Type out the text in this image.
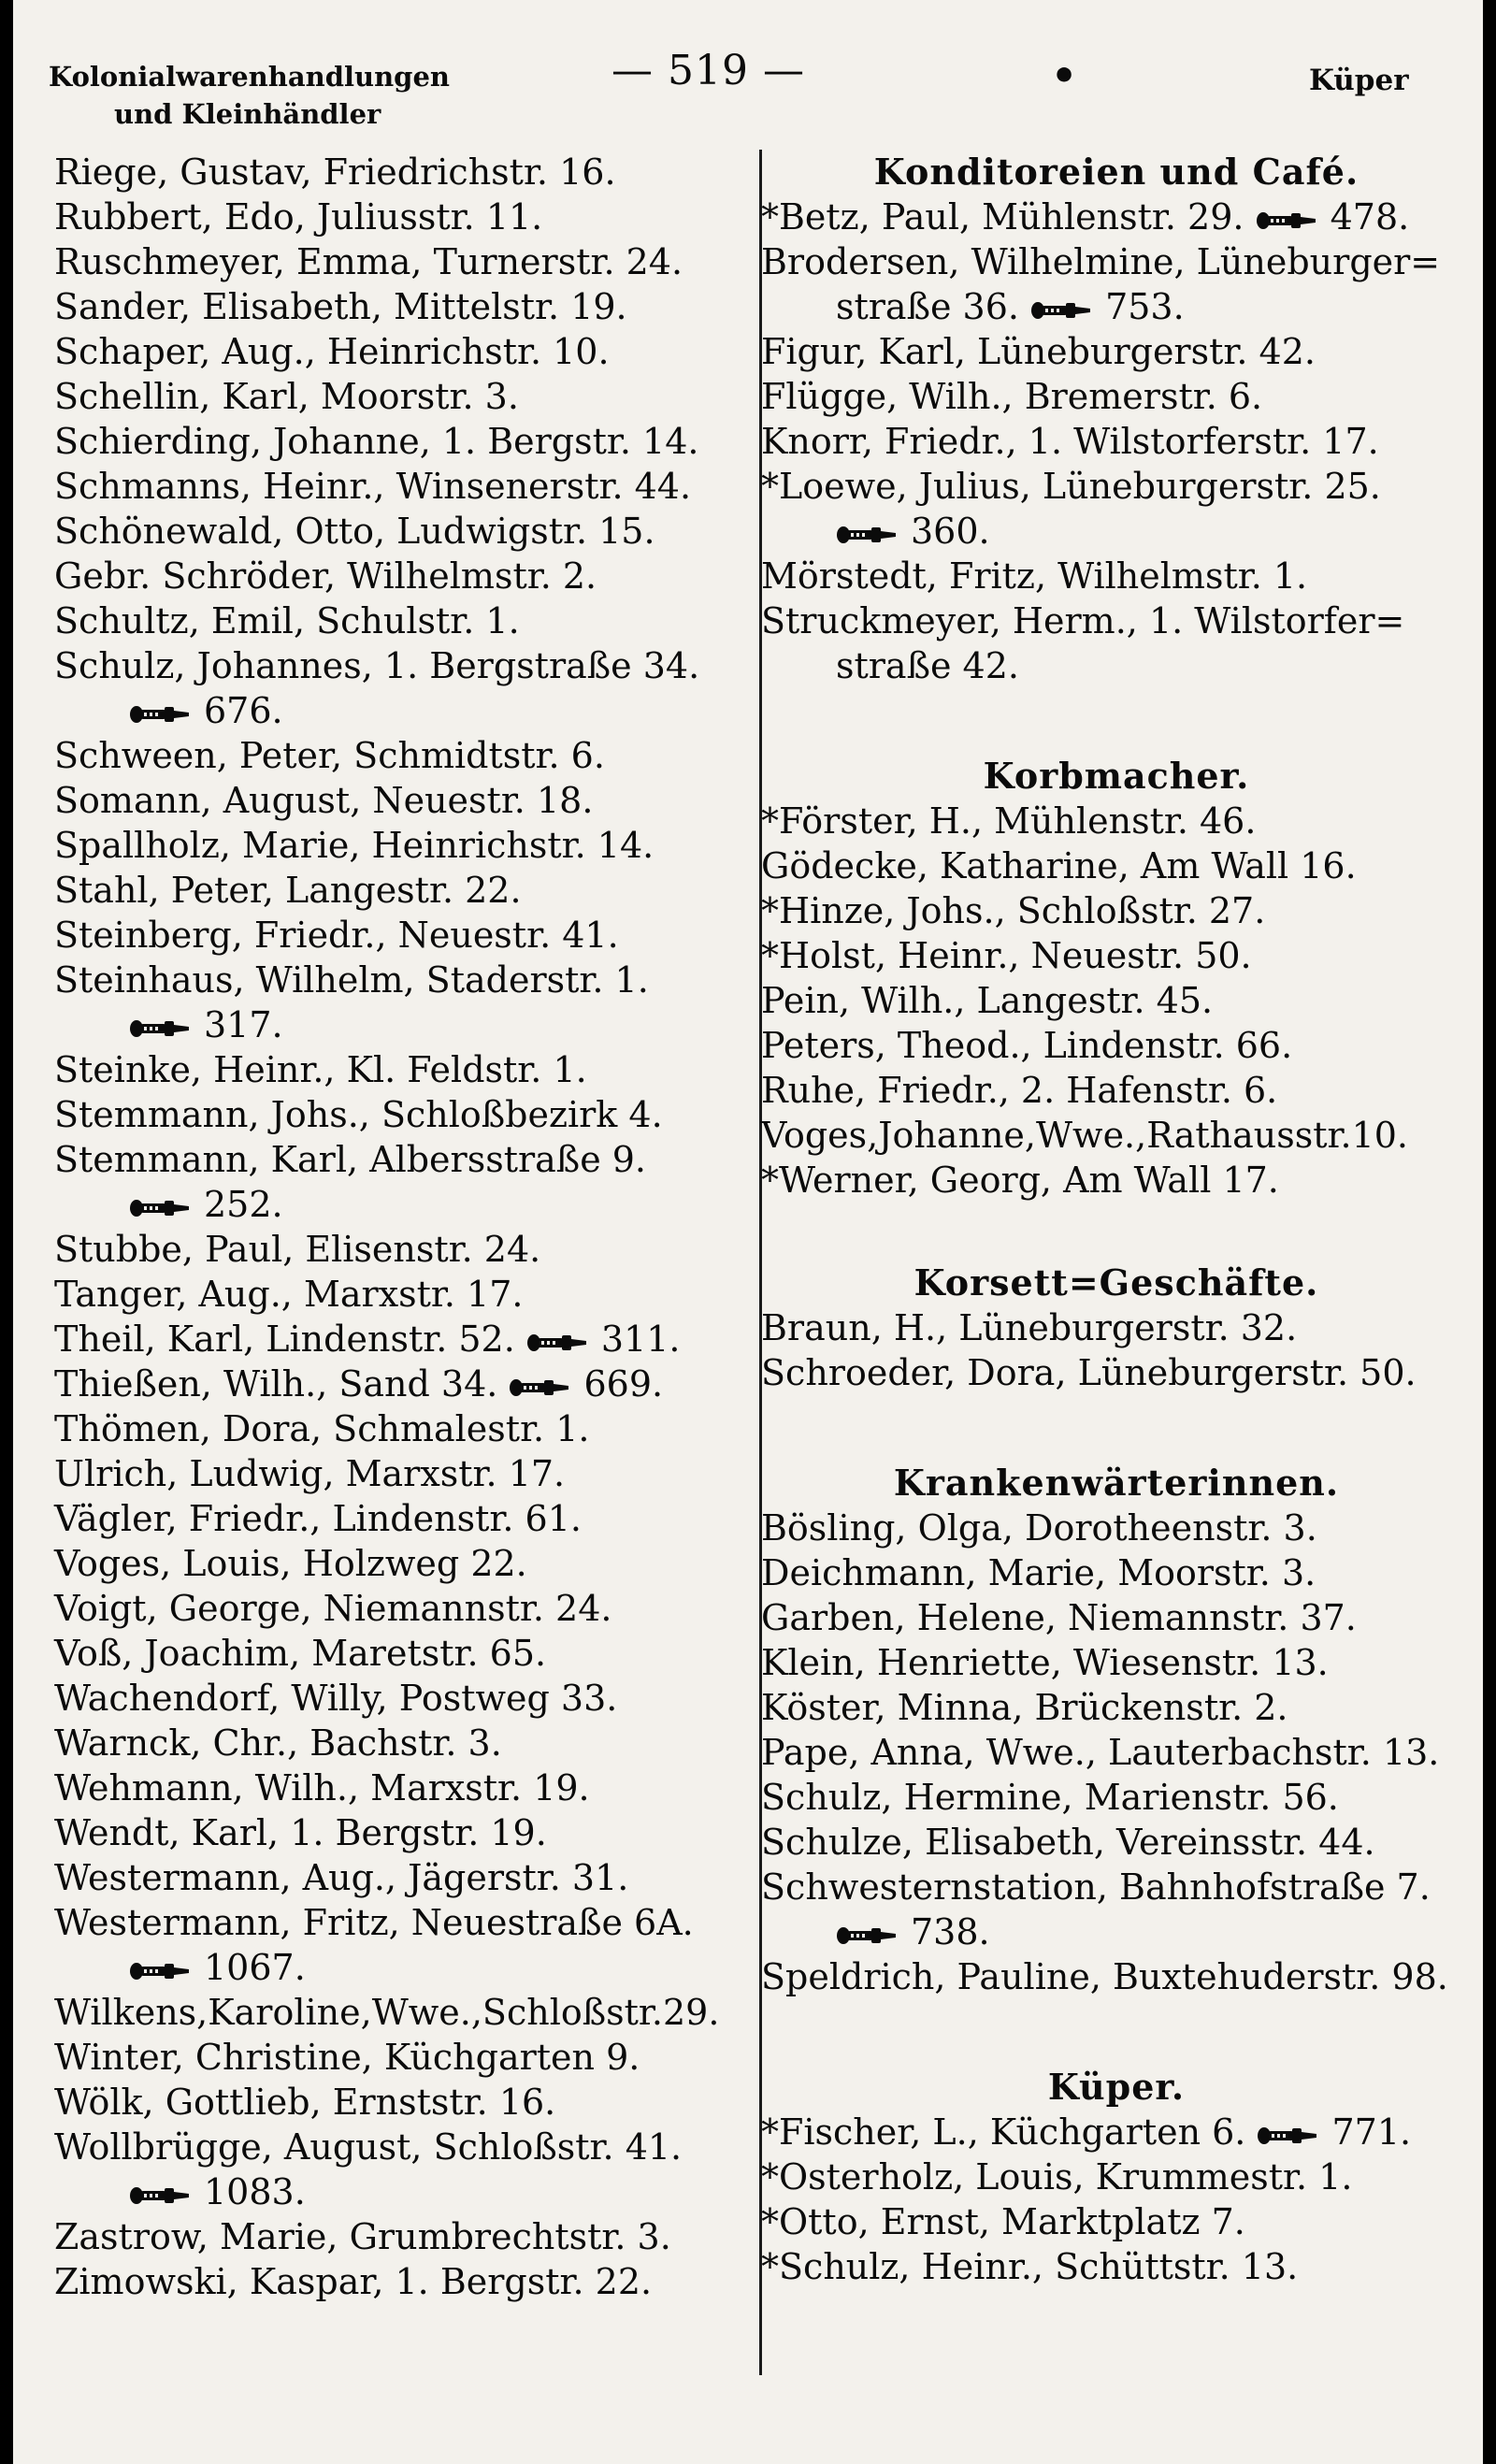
Kolonialwarenhandlungen
und Kleinhändler
— 519 —	•	Küper
Riege, Gustav, Friedrichstr. 16.
Rubbert, Edo, Juliusstr. 11.
Ruschmeyer, Emma, Turnerstr. 24.
Sander, Elisabeth, Mittelstr. 19.
Schaper, Aug., Heinrichstr. 10.
Schellin, Karl, Moorstr. 3.
Schierding, Johanne, 1. Bergstr. 14.
Schmanns, Heinr., Winsenerstr. 44.
Schönewald, Otto, Ludwigstr. 15.
Gebr. Schröder, Wilhelmstr. 2.
Schultz, Emil, Schulstr. 1.
Schulz, Johannes, 1. Bergstraße 34.
676.
Schween, Peter, Schmidtstr. 6.
Somann, August, Neuestr. 18.
Spallholz, Marie, Heinrichstr. 14.
Stahl, Peter, Langestr. 22.
Steinberg, Friedr., Neuestr. 41.
Steinhaus, Wilhelm, Staderstr. 1.
317.
Steinke, Heinr., Kl. Feldstr. 1.
Stemmann, Johs., Schloßbezirk 4.
Stemmann, Karl, Albersstraße 9.
252.
Stubbe, Paul, Elisenstr. 24.
Tanger, Aug., Marxstr. 17.
Theil, Karl, Lindenstr. 52. 311.
Thießen, Wilh., Sand 34. 669.
Thömen, Dora, Schmalestr. 1.
Ulrich, Ludwig, Marxstr. 17.
Vägler, Friedr., Lindenstr. 61.
Voges, Louis, Holzweg 22.
Voigt, George, Niemannstr. 24.
Voß, Joachim, Maretstr. 65.
Wachendorf, Willy, Postweg 33.
Warnck, Chr., Bachstr. 3.
Wehmann, Wilh., Marxstr. 19.
Wendt, Karl, 1. Bergstr. 19.
Westermann, Aug., Jägerstr. 31.
Westermann, Fritz, Neuestraße 6A.
1067.
Wilkens,Karoline,Wwe.,Schloßstr.29.
Winter, Christine, Küchgarten 9.
Wölk, Gottlieb, Ernststr. 16.
Wollbrügge, August, Schloßstr. 41.
1083.
Zastrow, Marie, Grumbrechtstr. 3.
Zimowski, Kaspar, 1. Bergstr. 22.
Konditoreien und Café.
*Betz, Paul, Mühlenstr. 29. 478.
Brodersen, Wilhelmine, Lüneburger=
straße 36. 753.
Figur, Karl, Lüneburgerstr. 42.
Flügge, Wilh., Bremerstr. 6.
Knorr, Friedr., 1. Wilstorferstr. 17.
*Loewe, Julius, Lüneburgerstr. 25.
360.
Mörstedt, Fritz, Wilhelmstr. 1.
Struckmeyer, Herm., 1. Wilstorfer=
straße 42.
Korbmacher.
*Förster, H., Mühlenstr. 46.
Gödecke, Katharine, Am Wall 16.
*Hinze, Johs., Schloßstr. 27.
*Holst, Heinr., Neuestr. 50.
Pein, Wilh., Langestr. 45.
Peters, Theod., Lindenstr. 66.
Ruhe, Friedr., 2. Hafenstr. 6.
Voges,Johanne,Wwe.,Rathausstr.10.
*Werner, Georg, Am Wall 17.
Korsett=Geschäfte.
Braun, H., Lüneburgerstr. 32.
Schroeder, Dora, Lüneburgerstr. 50.
Krankenwärterinnen.
Bösling, Olga, Dorotheenstr. 3.
Deichmann, Marie, Moorstr. 3.
Garben, Helene, Niemannstr. 37.
Klein, Henriette, Wiesenstr. 13.
Köster, Minna, Brückenstr. 2.
Pape, Anna, Wwe., Lauterbachstr. 13.
Schulz, Hermine, Marienstr. 56.
Schulze, Elisabeth, Vereinsstr. 44.
Schwesternstation, Bahnhofstraße 7.
738.
Speldrich, Pauline, Buxtehuderstr. 98.
Küper.
*Fischer, L., Küchgarten 6. 771.
*Osterholz, Louis, Krummestr. 1.
*Otto, Ernst, Marktplatz 7.
*Schulz, Heinr., Schüttstr. 13.
